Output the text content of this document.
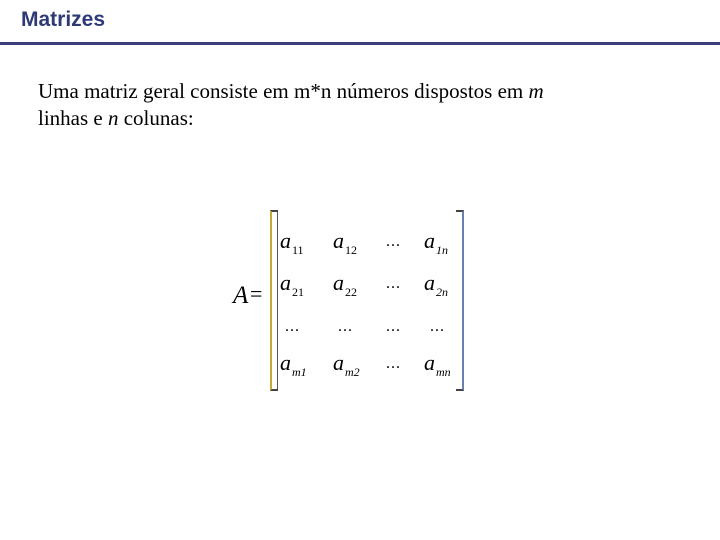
Matrizes

Uma matriz geral consiste em m*n números dispostos em m
linhas e n colunas:

A =
$a_{11}$ $a_{12}$ ... $a_{1n}$
$a_{21}$ $a_{22}$ ... $a_{2n}$
... ... ... ...
$a_{m1}$ $a_{m2}$ ... $a_{mn}$
